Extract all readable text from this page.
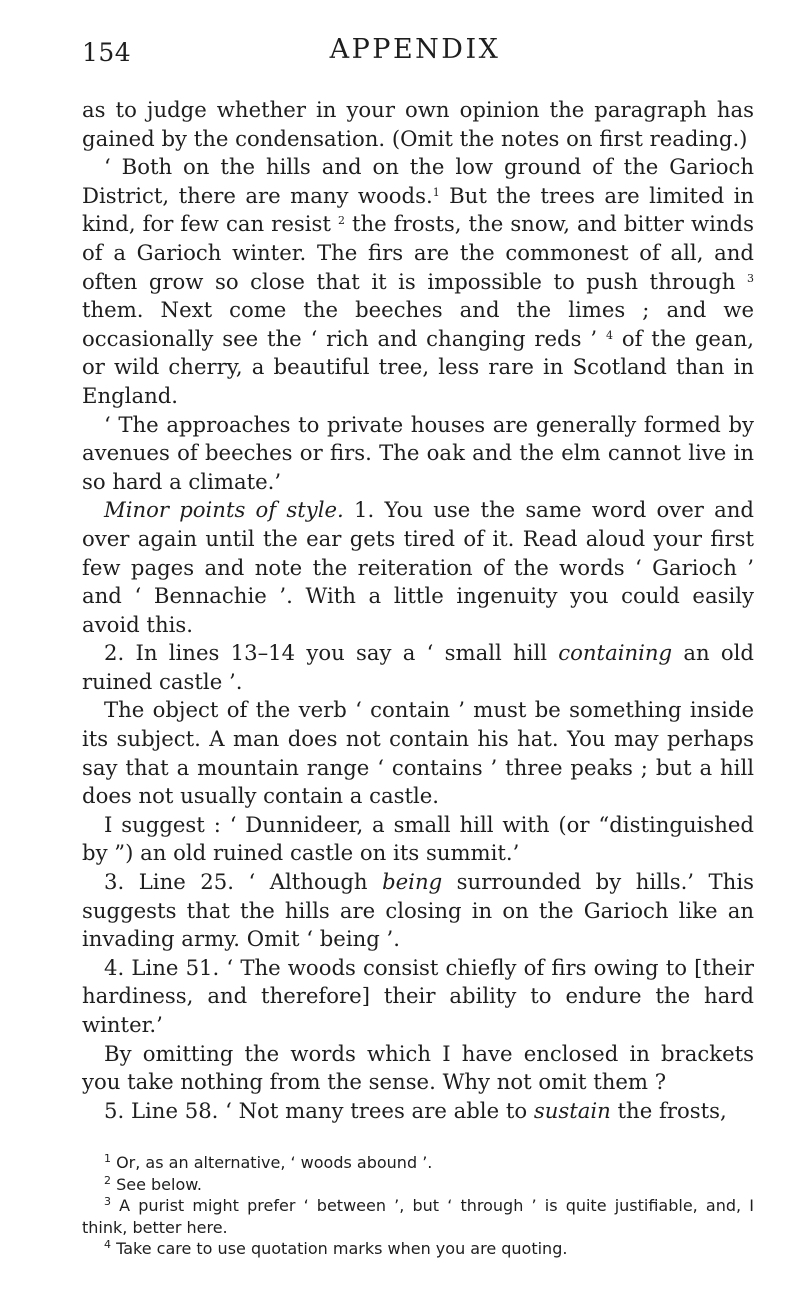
154	APPENDIX

as to judge whether in your own opinion the paragraph has gained by the condensation. (Omit the notes on first reading.)

‘ Both on the hills and on the low ground of the Garioch District, there are many woods.$^1$ But the trees are limited in kind, for few can resist $^2$ the frosts, the snow, and bitter winds of a Garioch winter. The firs are the commonest of all, and often grow so close that it is impossible to push through $^3$ them. Next come the beeches and the limes ; and we occasionally see the ‘ rich and changing reds ’ $^4$ of the gean, or wild cherry, a beautiful tree, less rare in Scotland than in England.

‘ The approaches to private houses are generally formed by avenues of beeches or firs. The oak and the elm cannot live in so hard a climate.’

Minor points of style. 1. You use the same word over and over again until the ear gets tired of it. Read aloud your first few pages and note the reiteration of the words ‘ Garioch ’ and ‘ Bennachie ’. With a little ingenuity you could easily avoid this.

2. In lines 13–14 you say a ‘ small hill containing an old ruined castle ’.

The object of the verb ‘ contain ’ must be something inside its subject. A man does not contain his hat. You may perhaps say that a mountain range ‘ contains ’ three peaks ; but a hill does not usually contain a castle.

I suggest : ‘ Dunnideer, a small hill with (or “distinguished by ”) an old ruined castle on its summit.’

3. Line 25. ‘ Although being surrounded by hills.’ This suggests that the hills are closing in on the Garioch like an invading army. Omit ‘ being ’.

4. Line 51. ‘ The woods consist chiefly of firs owing to [their hardiness, and therefore] their ability to endure the hard winter.’

By omitting the words which I have enclosed in brackets you take nothing from the sense. Why not omit them ?

5. Line 58. ‘ Not many trees are able to sustain the frosts,

$^1$ Or, as an alternative, ‘ woods abound ’.

$^2$ See below.

$^3$ A purist might prefer ‘ between ’, but ‘ through ’ is quite justifiable, and, I think, better here.

$^4$ Take care to use quotation marks when you are quoting.
